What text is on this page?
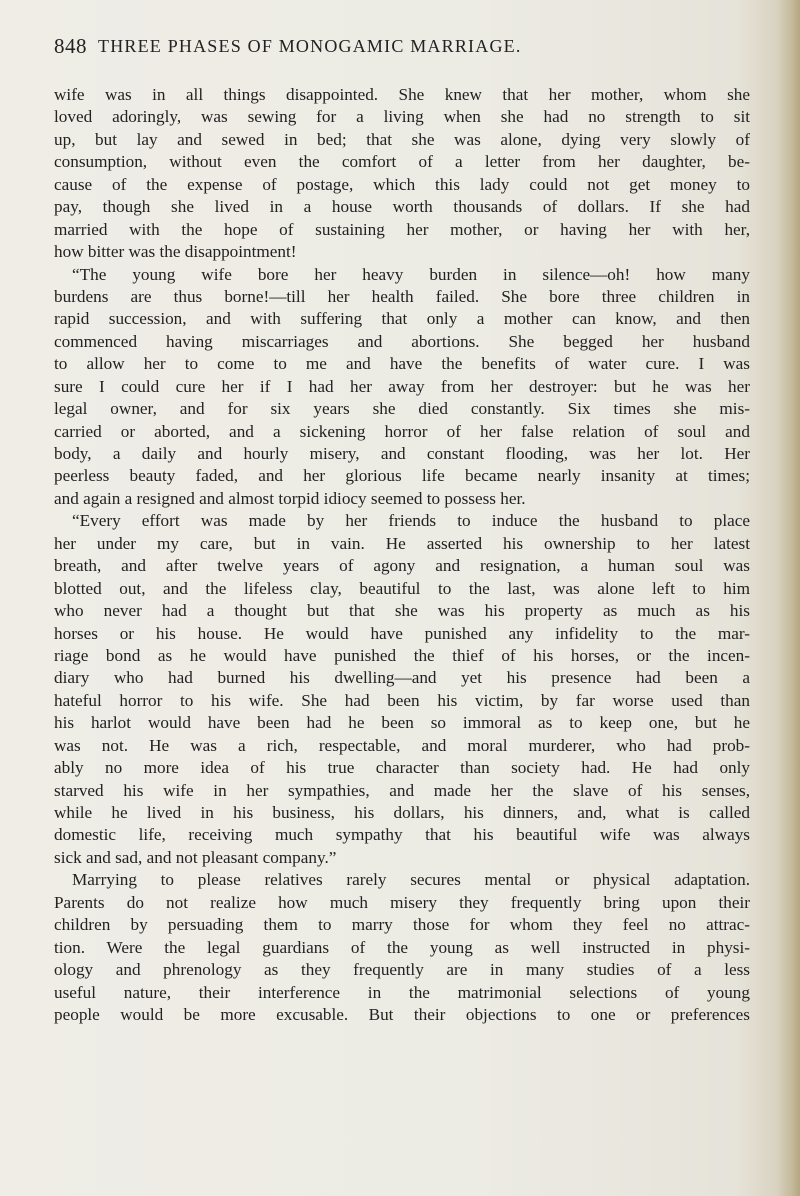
848 THREE PHASES OF MONOGAMIC MARRIAGE.
wife was in all things disappointed. She knew that her mother, whom she
loved adoringly, was sewing for a living when she had no strength to sit
up, but lay and sewed in bed; that she was alone, dying very slowly of
consumption, without even the comfort of a letter from her daughter, be-
cause of the expense of postage, which this lady could not get money to
pay, though she lived in a house worth thousands of dollars. If she had
married with the hope of sustaining her mother, or having her with her,
how bitter was the disappointment!
“The young wife bore her heavy burden in silence—oh! how many
burdens are thus borne!—till her health failed. She bore three children in
rapid succession, and with suffering that only a mother can know, and then
commenced having miscarriages and abortions. She begged her husband
to allow her to come to me and have the benefits of water cure. I was
sure I could cure her if I had her away from her destroyer: but he was her
legal owner, and for six years she died constantly. Six times she mis-
carried or aborted, and a sickening horror of her false relation of soul and
body, a daily and hourly misery, and constant flooding, was her lot. Her
peerless beauty faded, and her glorious life became nearly insanity at times;
and again a resigned and almost torpid idiocy seemed to possess her.
“Every effort was made by her friends to induce the husband to place
her under my care, but in vain. He asserted his ownership to her latest
breath, and after twelve years of agony and resignation, a human soul was
blotted out, and the lifeless clay, beautiful to the last, was alone left to him
who never had a thought but that she was his property as much as his
horses or his house. He would have punished any infidelity to the mar-
riage bond as he would have punished the thief of his horses, or the incen-
diary who had burned his dwelling—and yet his presence had been a
hateful horror to his wife. She had been his victim, by far worse used than
his harlot would have been had he been so immoral as to keep one, but he
was not. He was a rich, respectable, and moral murderer, who had prob-
ably no more idea of his true character than society had. He had only
starved his wife in her sympathies, and made her the slave of his senses,
while he lived in his business, his dollars, his dinners, and, what is called
domestic life, receiving much sympathy that his beautiful wife was always
sick and sad, and not pleasant company.”
Marrying to please relatives rarely secures mental or physical adaptation.
Parents do not realize how much misery they frequently bring upon their
children by persuading them to marry those for whom they feel no attrac-
tion. Were the legal guardians of the young as well instructed in physi-
ology and phrenology as they frequently are in many studies of a less
useful nature, their interference in the matrimonial selections of young
people would be more excusable. But their objections to one or preferences
